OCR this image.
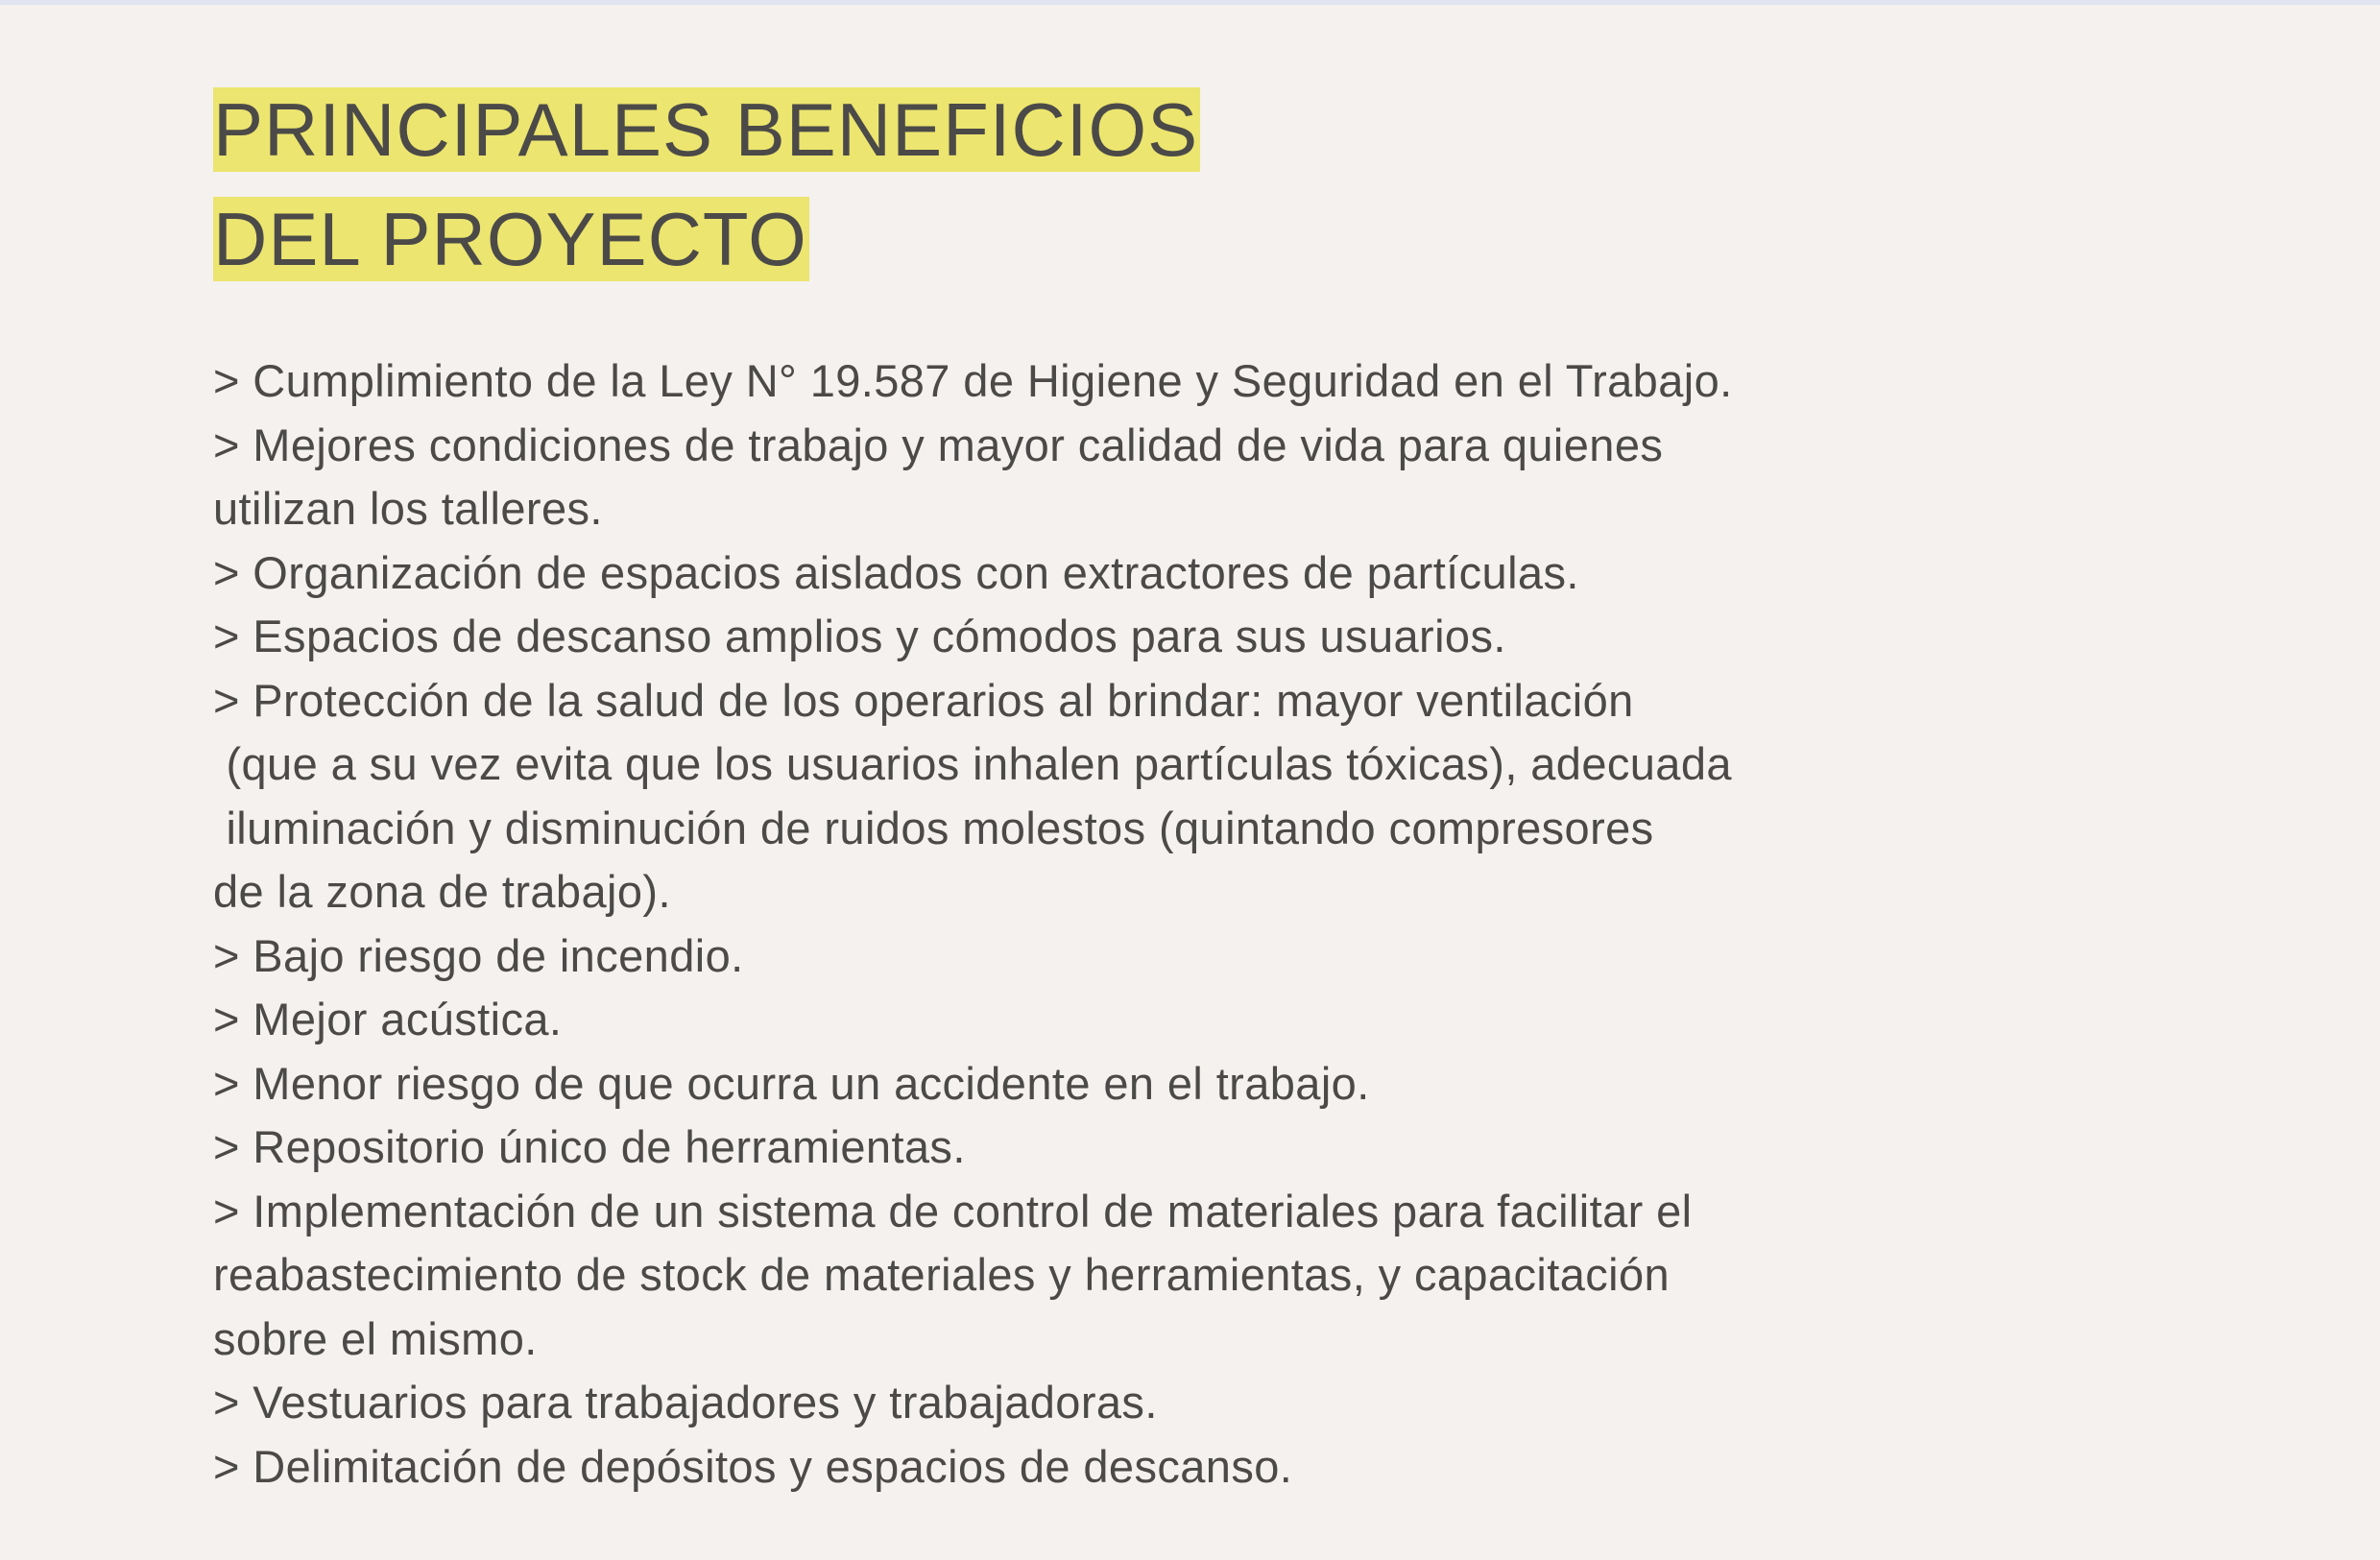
PRINCIPALES BENEFICIOS
DEL PROYECTO
> Cumplimiento de la Ley N° 19.587 de Higiene y Seguridad en el Trabajo.
> Mejores condiciones de trabajo y mayor calidad de vida para quienes
utilizan los talleres.
> Organización de espacios aislados con extractores de partículas.
> Espacios de descanso amplios y cómodos para sus usuarios.
> Protección de la salud de los operarios al brindar: mayor ventilación
(que a su vez evita que los usuarios inhalen partículas tóxicas), adecuada
iluminación y disminución de ruidos molestos (quintando compresores
de la zona de trabajo).
> Bajo riesgo de incendio.
> Mejor acústica.
> Menor riesgo de que ocurra un accidente en el trabajo.
> Repositorio único de herramientas.
> Implementación de un sistema de control de materiales para facilitar el
reabastecimiento de stock de materiales y herramientas, y capacitación
sobre el mismo.
> Vestuarios para trabajadores y trabajadoras.
> Delimitación de depósitos y espacios de descanso.
